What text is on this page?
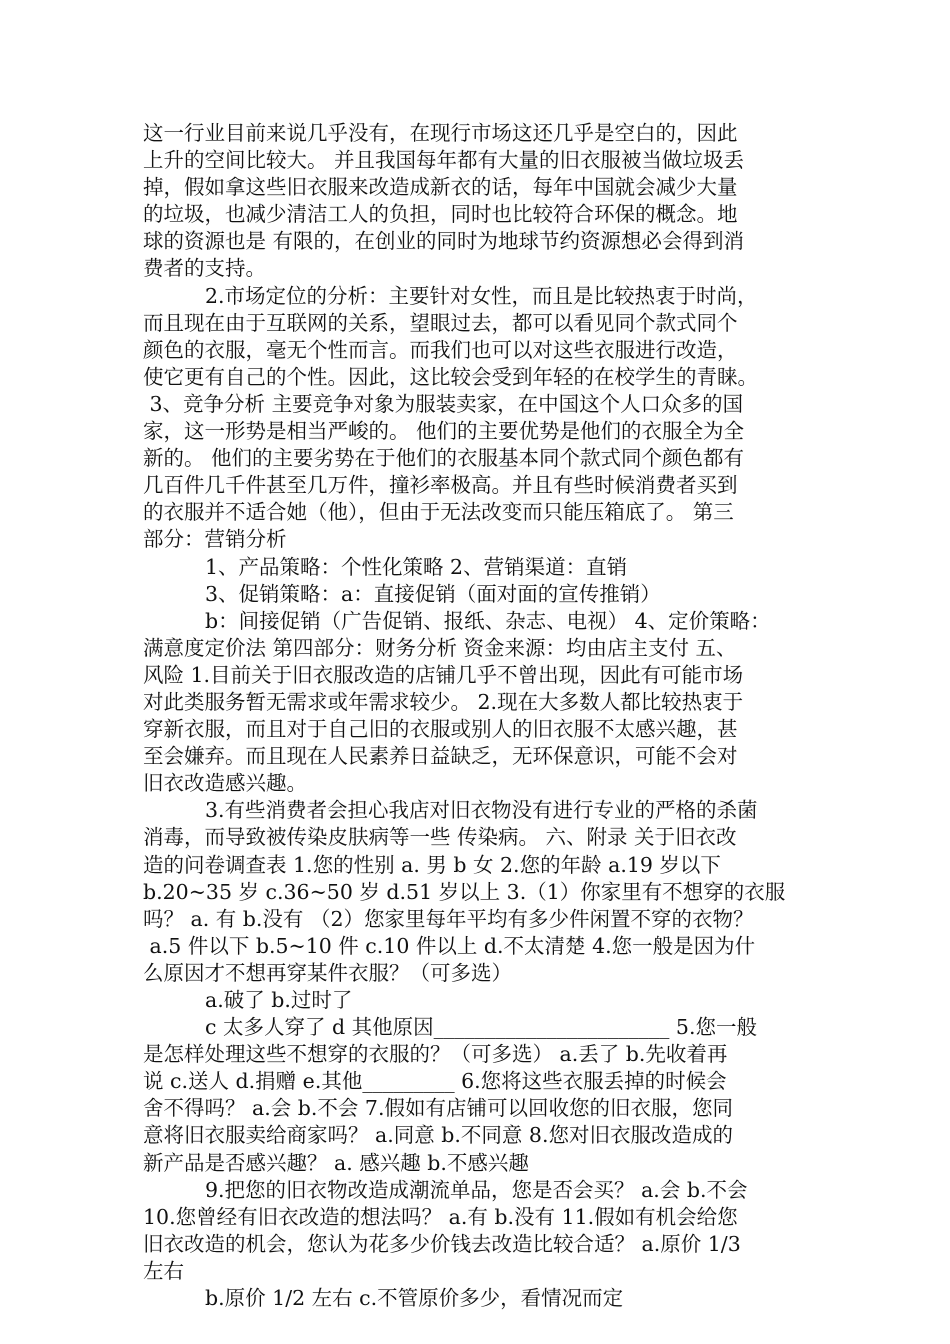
这一行业目前来说几乎没有，在现行市场这还几乎是空白的，因此
上升的空间比较大。 并且我国每年都有大量的旧衣服被当做垃圾丢
掉，假如拿这些旧衣服来改造成新衣的话，每年中国就会减少大量
的垃圾，也减少清洁工人的负担，同时也比较符合环保的概念。地
球的资源也是 有限的，在创业的同时为地球节约资源想必会得到消
费者的支持。
2.市场定位的分析：主要针对女性，而且是比较热衷于时尚，
而且现在由于互联网的关系，望眼过去，都可以看见同个款式同个
颜色的衣服，毫无个性而言。而我们也可以对这些衣服进行改造，
使它更有自己的个性。因此，这比较会受到年轻的在校学生的青睐。
3、竞争分析 主要竞争对象为服装卖家，在中国这个人口众多的国
家，这一形势是相当严峻的。 他们的主要优势是他们的衣服全为全
新的。 他们的主要劣势在于他们的衣服基本同个款式同个颜色都有
几百件几千件甚至几万件，撞衫率极高。并且有些时候消费者买到
的衣服并不适合她（他），但由于无法改变而只能压箱底了。 第三
部分：营销分析
1、产品策略：个性化策略 2、营销渠道：直销
3、促销策略：a：直接促销（面对面的宣传推销）
b：间接促销（广告促销、报纸、杂志、电视） 4、定价策略：
满意度定价法 第四部分：财务分析 资金来源：均由店主支付 五、
风险 1.目前关于旧衣服改造的店铺几乎不曾出现，因此有可能市场
对此类服务暂无需求或年需求较少。 2.现在大多数人都比较热衷于
穿新衣服，而且对于自己旧的衣服或别人的旧衣服不太感兴趣，甚
至会嫌弃。而且现在人民素养日益缺乏，无环保意识，可能不会对
旧衣改造感兴趣。
3.有些消费者会担心我店对旧衣物没有进行专业的严格的杀菌
消毒，而导致被传染皮肤病等一些 传染病。 六、附录 关于旧衣改
造的问卷调查表 1.您的性别 a. 男 b 女 2.您的年龄 a.19 岁以下
b.20~35 岁 c.36~50 岁 d.51 岁以上 3.（1）你家里有不想穿的衣服
吗？ a. 有 b.没有 （2）您家里每年平均有多少件闲置不穿的衣物？
a.5 件以下 b.5~10 件 c.10 件以上 d.不太清楚 4.您一般是因为什
么原因才不想再穿某件衣服？（可多选）
a.破了 b.过时了
c 太多人穿了 d 其他原因_______________________ 5.您一般
是怎样处理这些不想穿的衣服的？（可多选） a.丢了 b.先收着再
说 c.送人 d.捐赠 e.其他_________ 6.您将这些衣服丢掉的时候会
舍不得吗？ a.会 b.不会 7.假如有店铺可以回收您的旧衣服，您同
意将旧衣服卖给商家吗？ a.同意 b.不同意 8.您对旧衣服改造成的
新产品是否感兴趣？ a. 感兴趣 b.不感兴趣
9.把您的旧衣物改造成潮流单品，您是否会买？ a.会 b.不会
10.您曾经有旧衣改造的想法吗？ a.有 b.没有 11.假如有机会给您
旧衣改造的机会，您认为花多少价钱去改造比较合适？ a.原价 1/3
左右
b.原价 1/2 左右 c.不管原价多少，看情况而定
